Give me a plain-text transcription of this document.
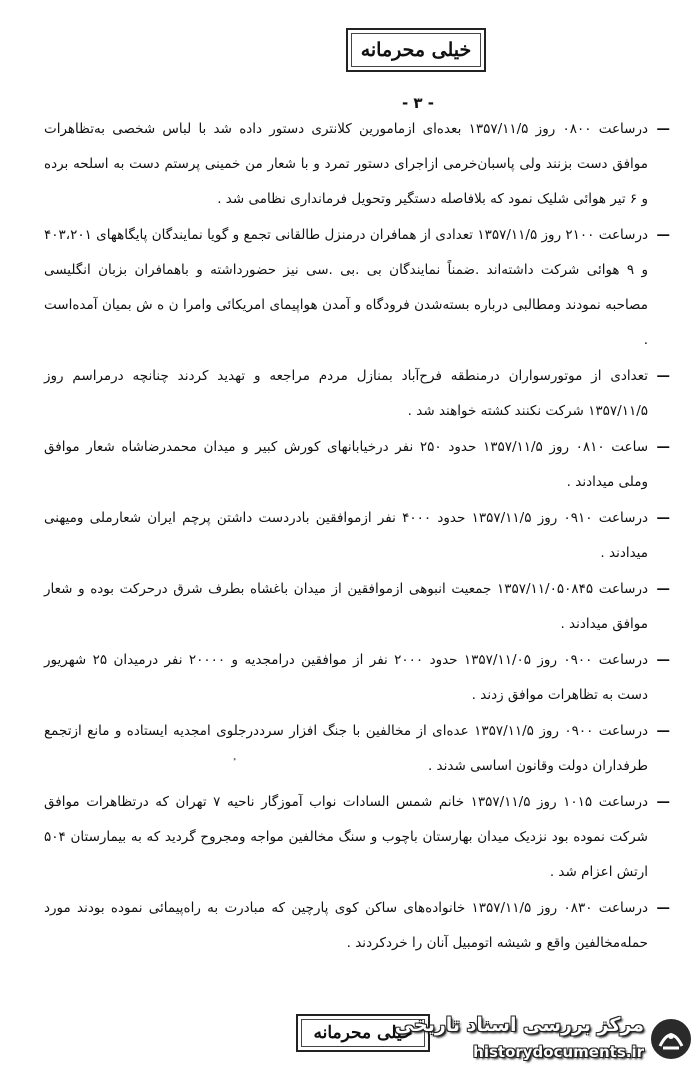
خیلی محرمانه
- ۳ -
—
درساعت ۰۸۰۰ روز ۱۳۵۷/۱۱/۵ بعده‌ای ازمامورین کلانتری دستور داده شد با لباس شخصی به‌تظاهرات موافق دست بزنند ولی پاسبان‌خرمی ازاجرای دستور تمرد و با شعار من خمینی پرستم دست به اسلحه برده و ۶ تیر هوائی شلیک نمود که بلافاصله دستگیر وتحویل فرمانداری نظامی شد .
—
درساعت ۲۱۰۰ روز ۱۳۵۷/۱۱/۵ تعدادی از همافران درمنزل طالقانی تجمع و گویا نمایندگان پایگاههای ۴۰۳،۲۰۱ و ۹ هوائی شرکت داشته‌اند .ضمناً نمایندگان بی .بی .سی نیز حضورداشته و باهمافران بزبان انگلیسی مصاحبه نمودند ومطالبی درباره بسته‌شدن فرودگاه و آمدن هواپیمای امریکائی وامرا ن ه ش بمیان آمده‌است .
—
تعدادی از موتورسواران درمنطقه فرح‌آباد بمنازل مردم مراجعه و تهدید کردند چنانچه درمراسم روز ۱۳۵۷/۱۱/۵ شرکت نکنند کشته خواهند شد .
—
ساعت ۰۸۱۰ روز ۱۳۵۷/۱۱/۵ حدود ۲۵۰ نفر درخیابانهای کورش کبیر و میدان محمدرضاشاه شعار موافق وملی میدادند .
—
درساعت ۰۹۱۰ روز ۱۳۵۷/۱۱/۵ حدود ۴۰۰۰ نفر ازموافقین بادردست داشتن پرچم ایران شعارملی ومیهنی میدادند .
—
درساعت ۱۳۵۷/۱۱/۰۵۰۸۴۵ جمعیت انبوهی ازموافقین از میدان باغشاه بطرف شرق درحرکت بوده و شعار موافق میدادند .
—
درساعت ۰۹۰۰ روز ۱۳۵۷/۱۱/۰۵ حدود ۲۰۰۰ نفر از موافقین درامجدیه و ۲۰۰۰۰ نفر درمیدان ۲۵ شهریور دست به تظاهرات موافق زدند .
—
درساعت ۰۹۰۰ روز ۱۳۵۷/۱۱/۵ عده‌ای از مخالفین با جنگ افزار سرددرجلوی امجدیه ایستاده و مانع ازتجمع طرفداران دولت وقانون اساسی شدند .
—
درساعت ۱۰۱۵ روز ۱۳۵۷/۱۱/۵ خانم شمس السادات نواب آموزگار ناحیه ۷ تهران که درتظاهرات موافق شرکت نموده بود نزدیک میدان بهارستان باچوب و سنگ مخالفین مواجه ومجروح گردید که به بیمارستان ۵۰۴ ارتش اعزام شد .
—
درساعت ۰۸۳۰ روز ۱۳۵۷/۱۱/۵ خانواده‌های ساکن کوی پارچین که مبادرت به راه‌پیمائی نموده بودند مورد حمله‌مخالفین واقع و شیشه اتومبیل آنان را خردکردند .
خیلی محرمانه
مرکز بررسی اسناد تاریخی
historydocuments.ir
